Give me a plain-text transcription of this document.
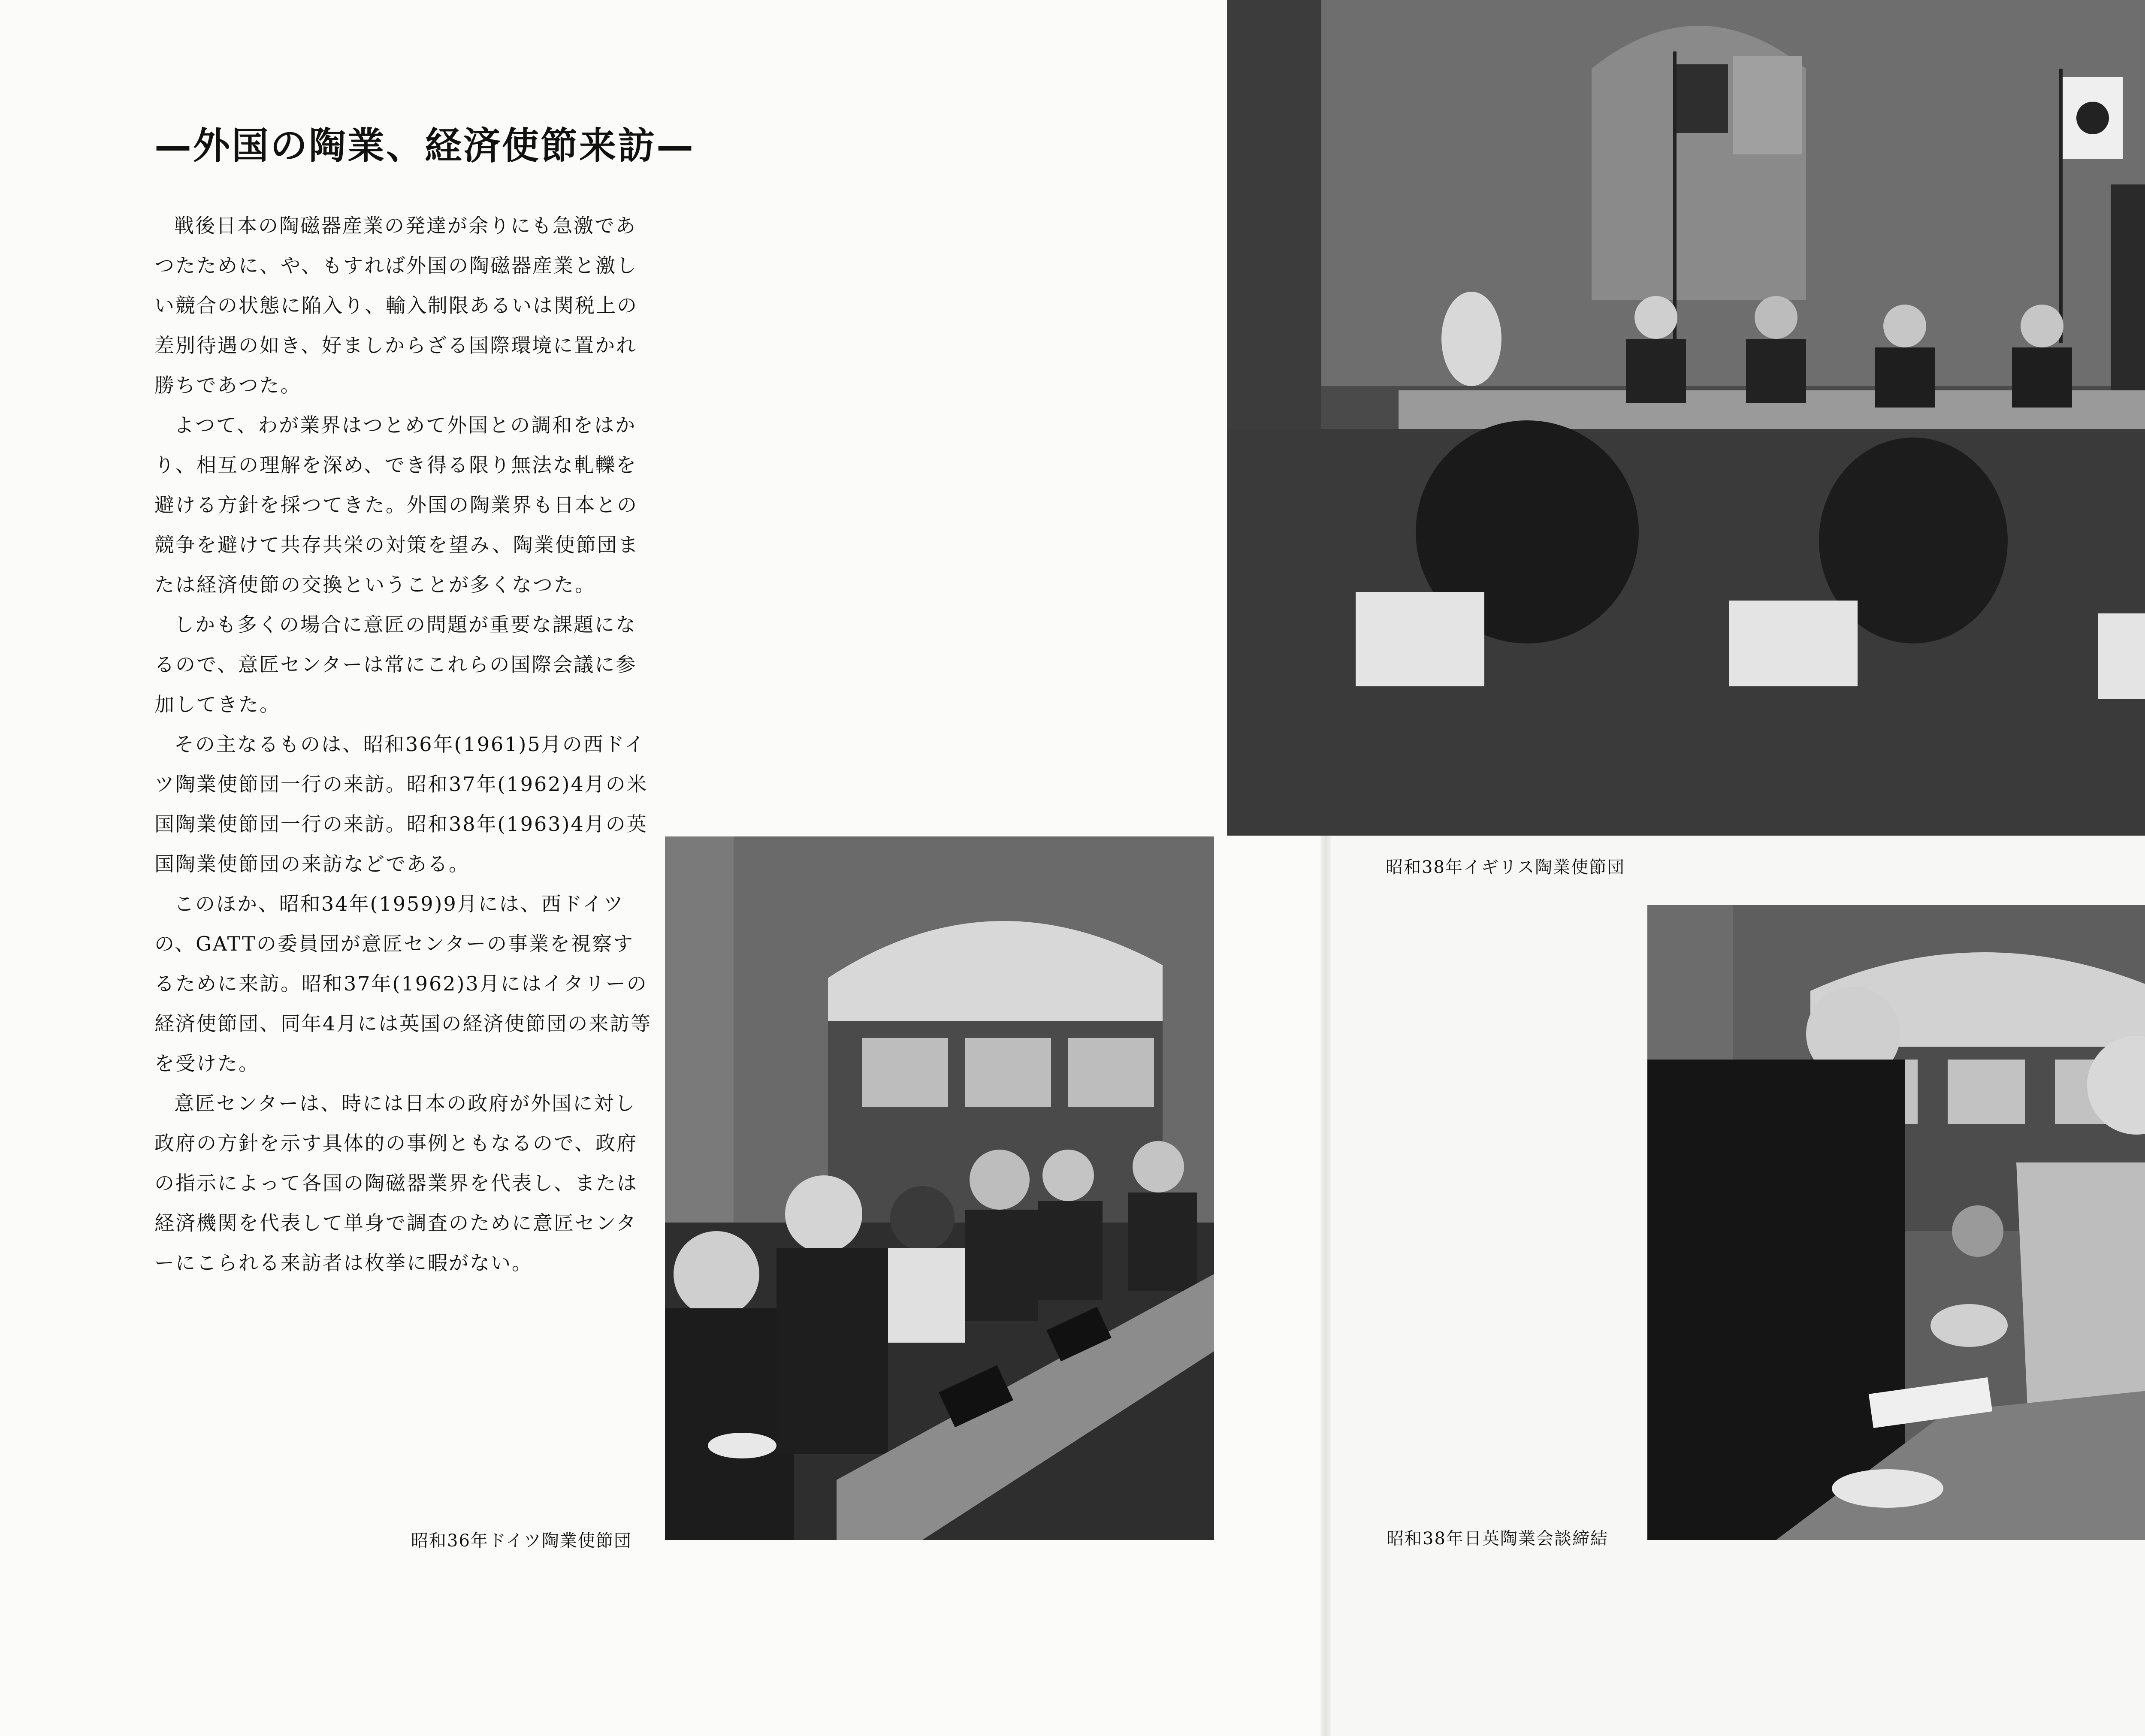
—外国の陶業、経済使節来訪—

戦後日本の陶磁器産業の発達が余りにも急激であつたために、や、もすれば外国の陶磁器産業と激しい競合の状態に陥入り、輸入制限あるいは関税上の差別待遇の如き、好ましからざる国際環境に置かれ勝ちであつた。

よつて、わが業界はつとめて外国との調和をはかり、相互の理解を深め、でき得る限り無法な軋轢を避ける方針を採つてきた。外国の陶業界も日本との競争を避けて共存共栄の対策を望み、陶業使節団または経済使節の交換ということが多くなつた。

しかも多くの場合に意匠の問題が重要な課題になるので、意匠センターは常にこれらの国際会議に参加してきた。

その主なるものは、昭和36年(1961)5月の西ドイツ陶業使節団一行の来訪。昭和37年(1962)4月の米国陶業使節団一行の来訪。昭和38年(1963)4月の英国陶業使節団の来訪などである。

このほか、昭和34年(1959)9月には、西ドイツの、GATTの委員団が意匠センターの事業を視察するために来訪。昭和37年(1962)3月にはイタリーの経済使節団、同年4月には英国の経済使節団の来訪等を受けた。

意匠センターは、時には日本の政府が外国に対し政府の方針を示す具体的の事例ともなるので、政府の指示によって各国の陶磁器業界を代表し、または経済機関を代表して単身で調査のために意匠センターにこられる来訪者は枚挙に暇がない。

昭和38年イギリス陶業使節団
昭和36年ドイツ陶業使節団	昭和38年日英陶業会談締結
